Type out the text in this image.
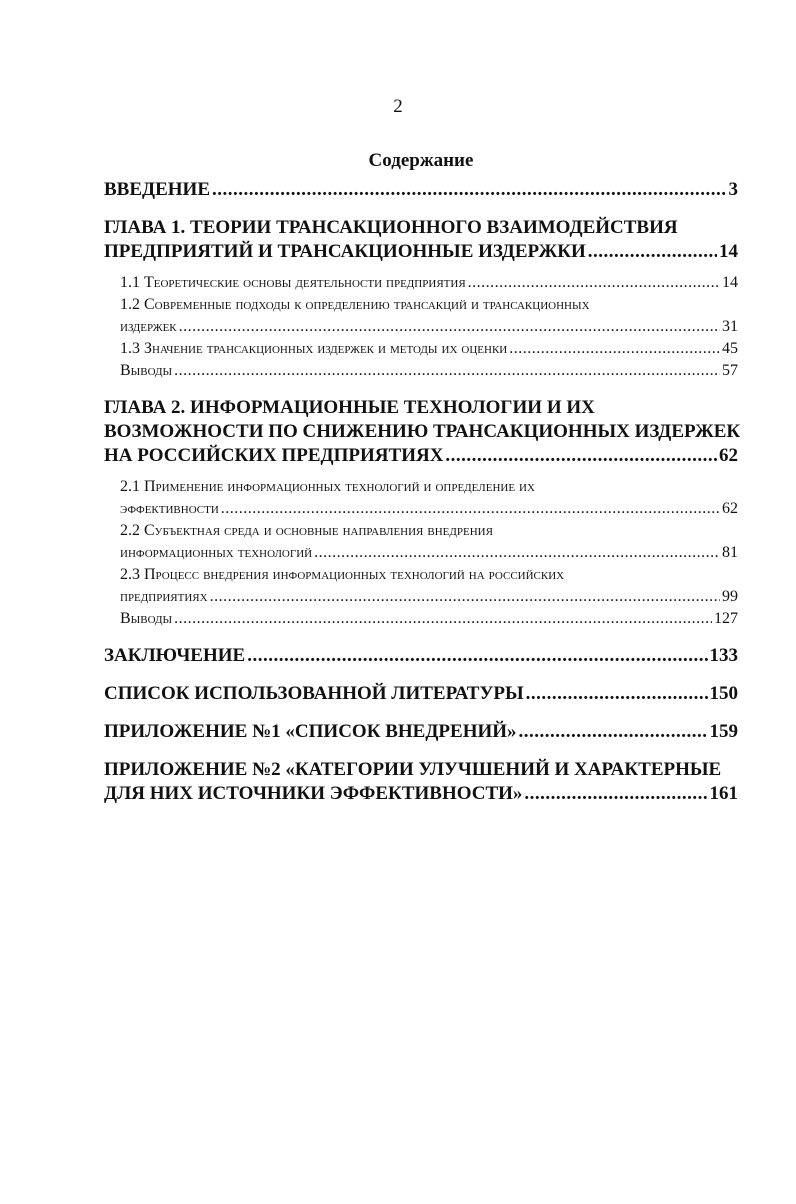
2
Содержание
ВВЕДЕНИЕ .....	3
ГЛАВА 1. ТЕОРИИ ТРАНСАКЦИОННОГО ВЗАИМОДЕЙСТВИЯ
ПРЕДПРИЯТИЙ И ТРАНСАКЦИОННЫЕ ИЗДЕРЖКИ .....	14
1.1 Теоретические основы деятельности предприятия .....	14
1.2 Современные подходы к определению трансакций и трансакционных
издержек .....	31
1.3 Значение трансакционных издержек и методы их оценки .....	45
Выводы .....	57
ГЛАВА 2. ИНФОРМАЦИОННЫЕ ТЕХНОЛОГИИ И ИХ
ВОЗМОЖНОСТИ ПО СНИЖЕНИЮ ТРАНСАКЦИОННЫХ ИЗДЕРЖЕК
НА РОССИЙСКИХ ПРЕДПРИЯТИЯХ .....	62
2.1 Применение информационных технологий и определение их
эффективности .....	62
2.2 Субъектная среда и основные направления внедрения
информационных технологий .....	81
2.3 Процесс внедрения информационных технологий на российских
предприятиях .....	99
Выводы .....	127
ЗАКЛЮЧЕНИЕ .....	133
СПИСОК ИСПОЛЬЗОВАННОЙ ЛИТЕРАТУРЫ .....	150
ПРИЛОЖЕНИЕ №1 «СПИСОК ВНЕДРЕНИЙ» .....	159
ПРИЛОЖЕНИЕ №2 «КАТЕГОРИИ УЛУЧШЕНИЙ И ХАРАКТЕРНЫЕ
ДЛЯ НИХ ИСТОЧНИКИ ЭФФЕКТИВНОСТИ» .....	161
